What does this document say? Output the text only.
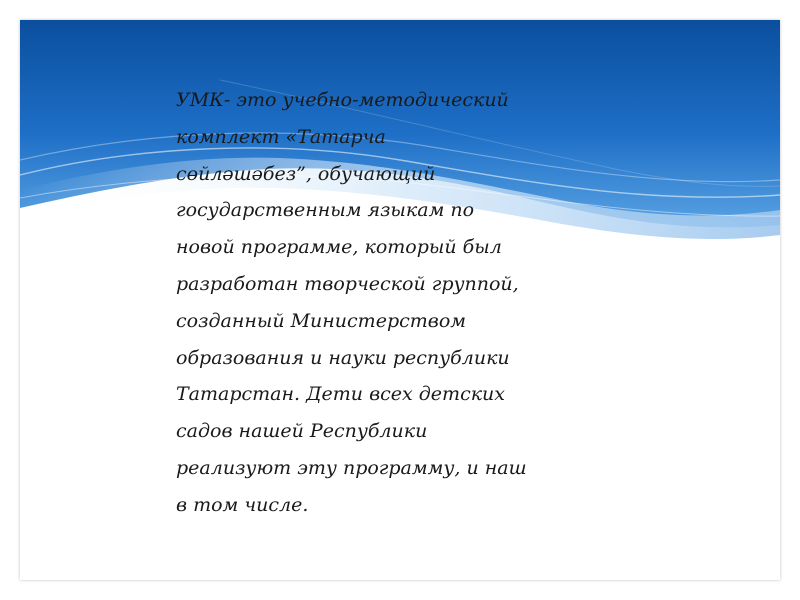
УМК- это учебно-методический
комплект «Татарча
сөйләшәбез”, обучающий
государственным языкам по
новой программе, который был
разработан творческой группой,
созданный Министерством
образования и науки республики
Татарстан. Дети всех детских
садов нашей Республики
реализуют эту программу, и наш
в том числе.
